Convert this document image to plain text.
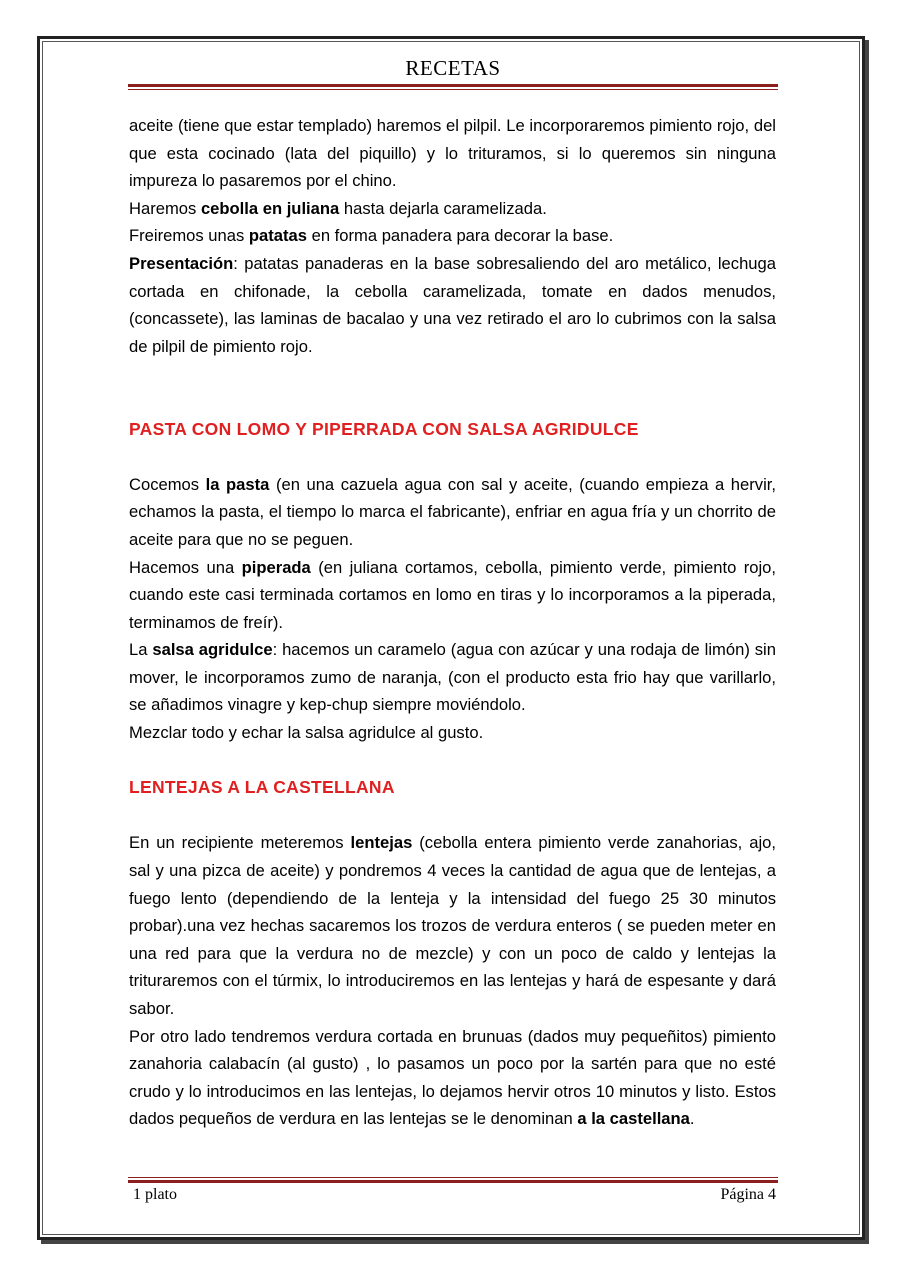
RECETAS

aceite (tiene que estar templado) haremos el pilpil. Le incorporaremos pimiento rojo, del que esta cocinado (lata del piquillo) y lo trituramos, si lo queremos sin ninguna impureza lo pasaremos por el chino.

Haremos cebolla en juliana hasta dejarla caramelizada.

Freiremos unas patatas en forma panadera para decorar la base.

Presentación: patatas panaderas en la base sobresaliendo del aro metálico, lechuga cortada en chifonade, la cebolla caramelizada, tomate en dados menudos, (concassete), las laminas de bacalao y una vez retirado el aro lo cubrimos con la salsa de pilpil de pimiento rojo.

PASTA CON LOMO Y PIPERRADA CON SALSA AGRIDULCE

Cocemos la pasta (en una cazuela agua con sal y aceite, (cuando empieza a hervir, echamos la pasta, el tiempo lo marca el fabricante), enfriar en agua fría y un chorrito de aceite para que no se peguen.

Hacemos una piperada (en juliana cortamos, cebolla, pimiento verde, pimiento rojo, cuando este casi terminada cortamos en lomo en tiras y lo incorporamos a la piperada, terminamos de freír).

La salsa agridulce: hacemos un caramelo (agua con azúcar y una rodaja de limón) sin mover, le incorporamos zumo de naranja, (con el producto esta frio hay que varillarlo, se añadimos vinagre y kep-chup siempre moviéndolo.

Mezclar todo y echar la salsa agridulce al gusto.

LENTEJAS A LA CASTELLANA

En un recipiente meteremos lentejas (cebolla entera pimiento verde zanahorias, ajo, sal y una pizca de aceite) y pondremos 4 veces la cantidad de agua que de lentejas, a fuego lento (dependiendo de la lenteja y la intensidad del fuego 25 30 minutos probar).una vez hechas sacaremos los trozos de verdura enteros ( se pueden meter en una red para que la verdura no de mezcle) y con un poco de caldo y lentejas la trituraremos con el túrmix, lo introduciremos en las lentejas y hará de espesante y dará sabor.

Por otro lado tendremos verdura cortada en brunuas (dados muy pequeñitos) pimiento zanahoria calabacín (al gusto) , lo pasamos un poco por la sartén para que no esté crudo y lo introducimos en las lentejas, lo dejamos hervir otros 10 minutos y listo. Estos dados pequeños de verdura en las lentejas se le denominan a la castellana.

1 plato	Página 4
